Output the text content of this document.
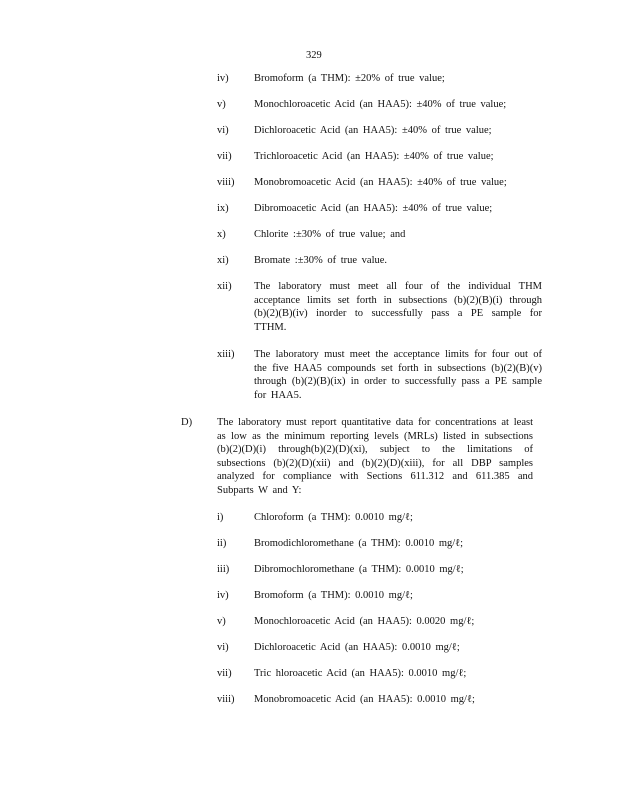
329
iv) Bromoform (a THM): ±20% of true value;
v)	Monochloroacetic Acid (an HAA5): ±40% of true value;
vi) Dichloroacetic Acid (an HAA5): ±40% of true value;
vii) Trichloroacetic Acid (an HAA5): ±40% of true value;
viii) Monobromoacetic Acid (an HAA5): ±40% of true value;
ix) Dibromoacetic Acid (an HAA5): ±40% of true value;
x)	Chlorite :±30% of true value; and
xi) Bromate :±30% of true value.
xii) The laboratory must meet all four of the individual THM acceptance limits set forth in subsections (b)(2)(B)(i) through (b)(2)(B)(iv) inorder to successfully pass a PE sample for TTHM.
xiii) The laboratory must meet the acceptance limits for four out of the five HAA5 compounds set forth in subsections (b)(2)(B)(v) through (b)(2)(B)(ix) in order to successfully pass a PE sample for HAA5.
D) The laboratory must report quantitative data for concentrations at least as low as the minimum reporting levels (MRLs) listed in subsections (b)(2)(D)(i) through(b)(2)(D)(xi), subject to the limitations of subsections (b)(2)(D)(xii) and (b)(2)(D)(xiii), for all DBP samples analyzed for compliance with Sections 611.312 and 611.385 and Subparts W and Y:
i)	Chloroform (a THM): 0.0010 mg/ℓ;
ii)	Bromodichloromethane (a THM): 0.0010 mg/ℓ;
iii) Dibromochloromethane (a THM): 0.0010 mg/ℓ;
iv) Bromoform (a THM): 0.0010 mg/ℓ;
v)	Monochloroacetic Acid (an HAA5): 0.0020 mg/ℓ;
vi) Dichloroacetic Acid (an HAA5): 0.0010 mg/ℓ;
vii) Tric hloroacetic Acid (an HAA5): 0.0010 mg/ℓ;
viii) Monobromoacetic Acid (an HAA5): 0.0010 mg/ℓ;
